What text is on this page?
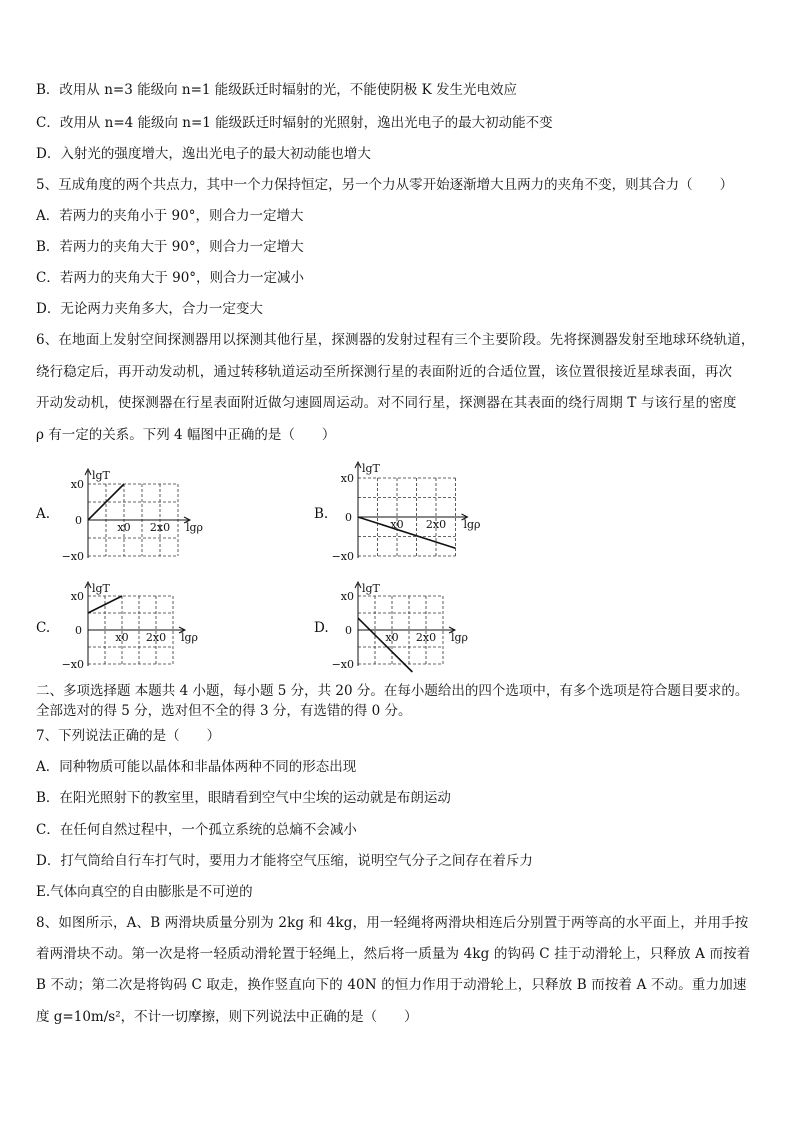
B．改用从 n=3 能级向 n=1 能级跃迁时辐射的光，不能使阴极 K 发生光电效应
C．改用从 n=4 能级向 n=1 能级跃迁时辐射的光照射，逸出光电子的最大初动能不变
D．入射光的强度增大，逸出光电子的最大初动能也增大
5、互成角度的两个共点力，其中一个力保持恒定，另一个力从零开始逐渐增大且两力的夹角不变，则其合力（　　）
A．若两力的夹角小于 90°，则合力一定增大
B．若两力的夹角大于 90°，则合力一定增大
C．若两力的夹角大于 90°，则合力一定减小
D．无论两力夹角多大，合力一定变大
6、在地面上发射空间探测器用以探测其他行星，探测器的发射过程有三个主要阶段。先将探测器发射至地球环绕轨道，
绕行稳定后，再开动发动机，通过转移轨道运动至所探测行星的表面附近的合适位置，该位置很接近星球表面，再次
开动发动机，使探测器在行星表面附近做匀速圆周运动。对不同行星，探测器在其表面的绕行周期 T 与该行星的密度
ρ 有一定的关系。下列 4 幅图中正确的是（　　）
A.
lgT
x0
0
−x0
x0 2x0 lgρ
B.
lgT
x0
0
−x0
x0 2x0 lgρ
C.
lgT
x0
0
−x0
x0 2x0 lgρ
D.
lgT
x0
0
−x0
x0 2x0 lgρ
二、多项选择题 本题共 4 小题，每小题 5 分，共 20 分。在每小题给出的四个选项中，有多个选项是符合题目要求的。
全部选对的得 5 分，选对但不全的得 3 分，有选错的得 0 分。
7、下列说法正确的是（　　）
A．同种物质可能以晶体和非晶体两种不同的形态出现
B．在阳光照射下的教室里，眼睛看到空气中尘埃的运动就是布朗运动
C．在任何自然过程中，一个孤立系统的总熵不会减小
D．打气筒给自行车打气时，要用力才能将空气压缩，说明空气分子之间存在着斥力
E.气体向真空的自由膨胀是不可逆的
8、如图所示，A、B 两滑块质量分别为 2kg 和 4kg，用一轻绳将两滑块相连后分别置于两等高的水平面上，并用手按
着两滑块不动。第一次是将一轻质动滑轮置于轻绳上，然后将一质量为 4kg 的钩码 C 挂于动滑轮上，只释放 A 而按着
B 不动；第二次是将钩码 C 取走，换作竖直向下的 40N 的恒力作用于动滑轮上，只释放 B 而按着 A 不动。重力加速
度 g=10m/s²，不计一切摩擦，则下列说法中正确的是（　　）
